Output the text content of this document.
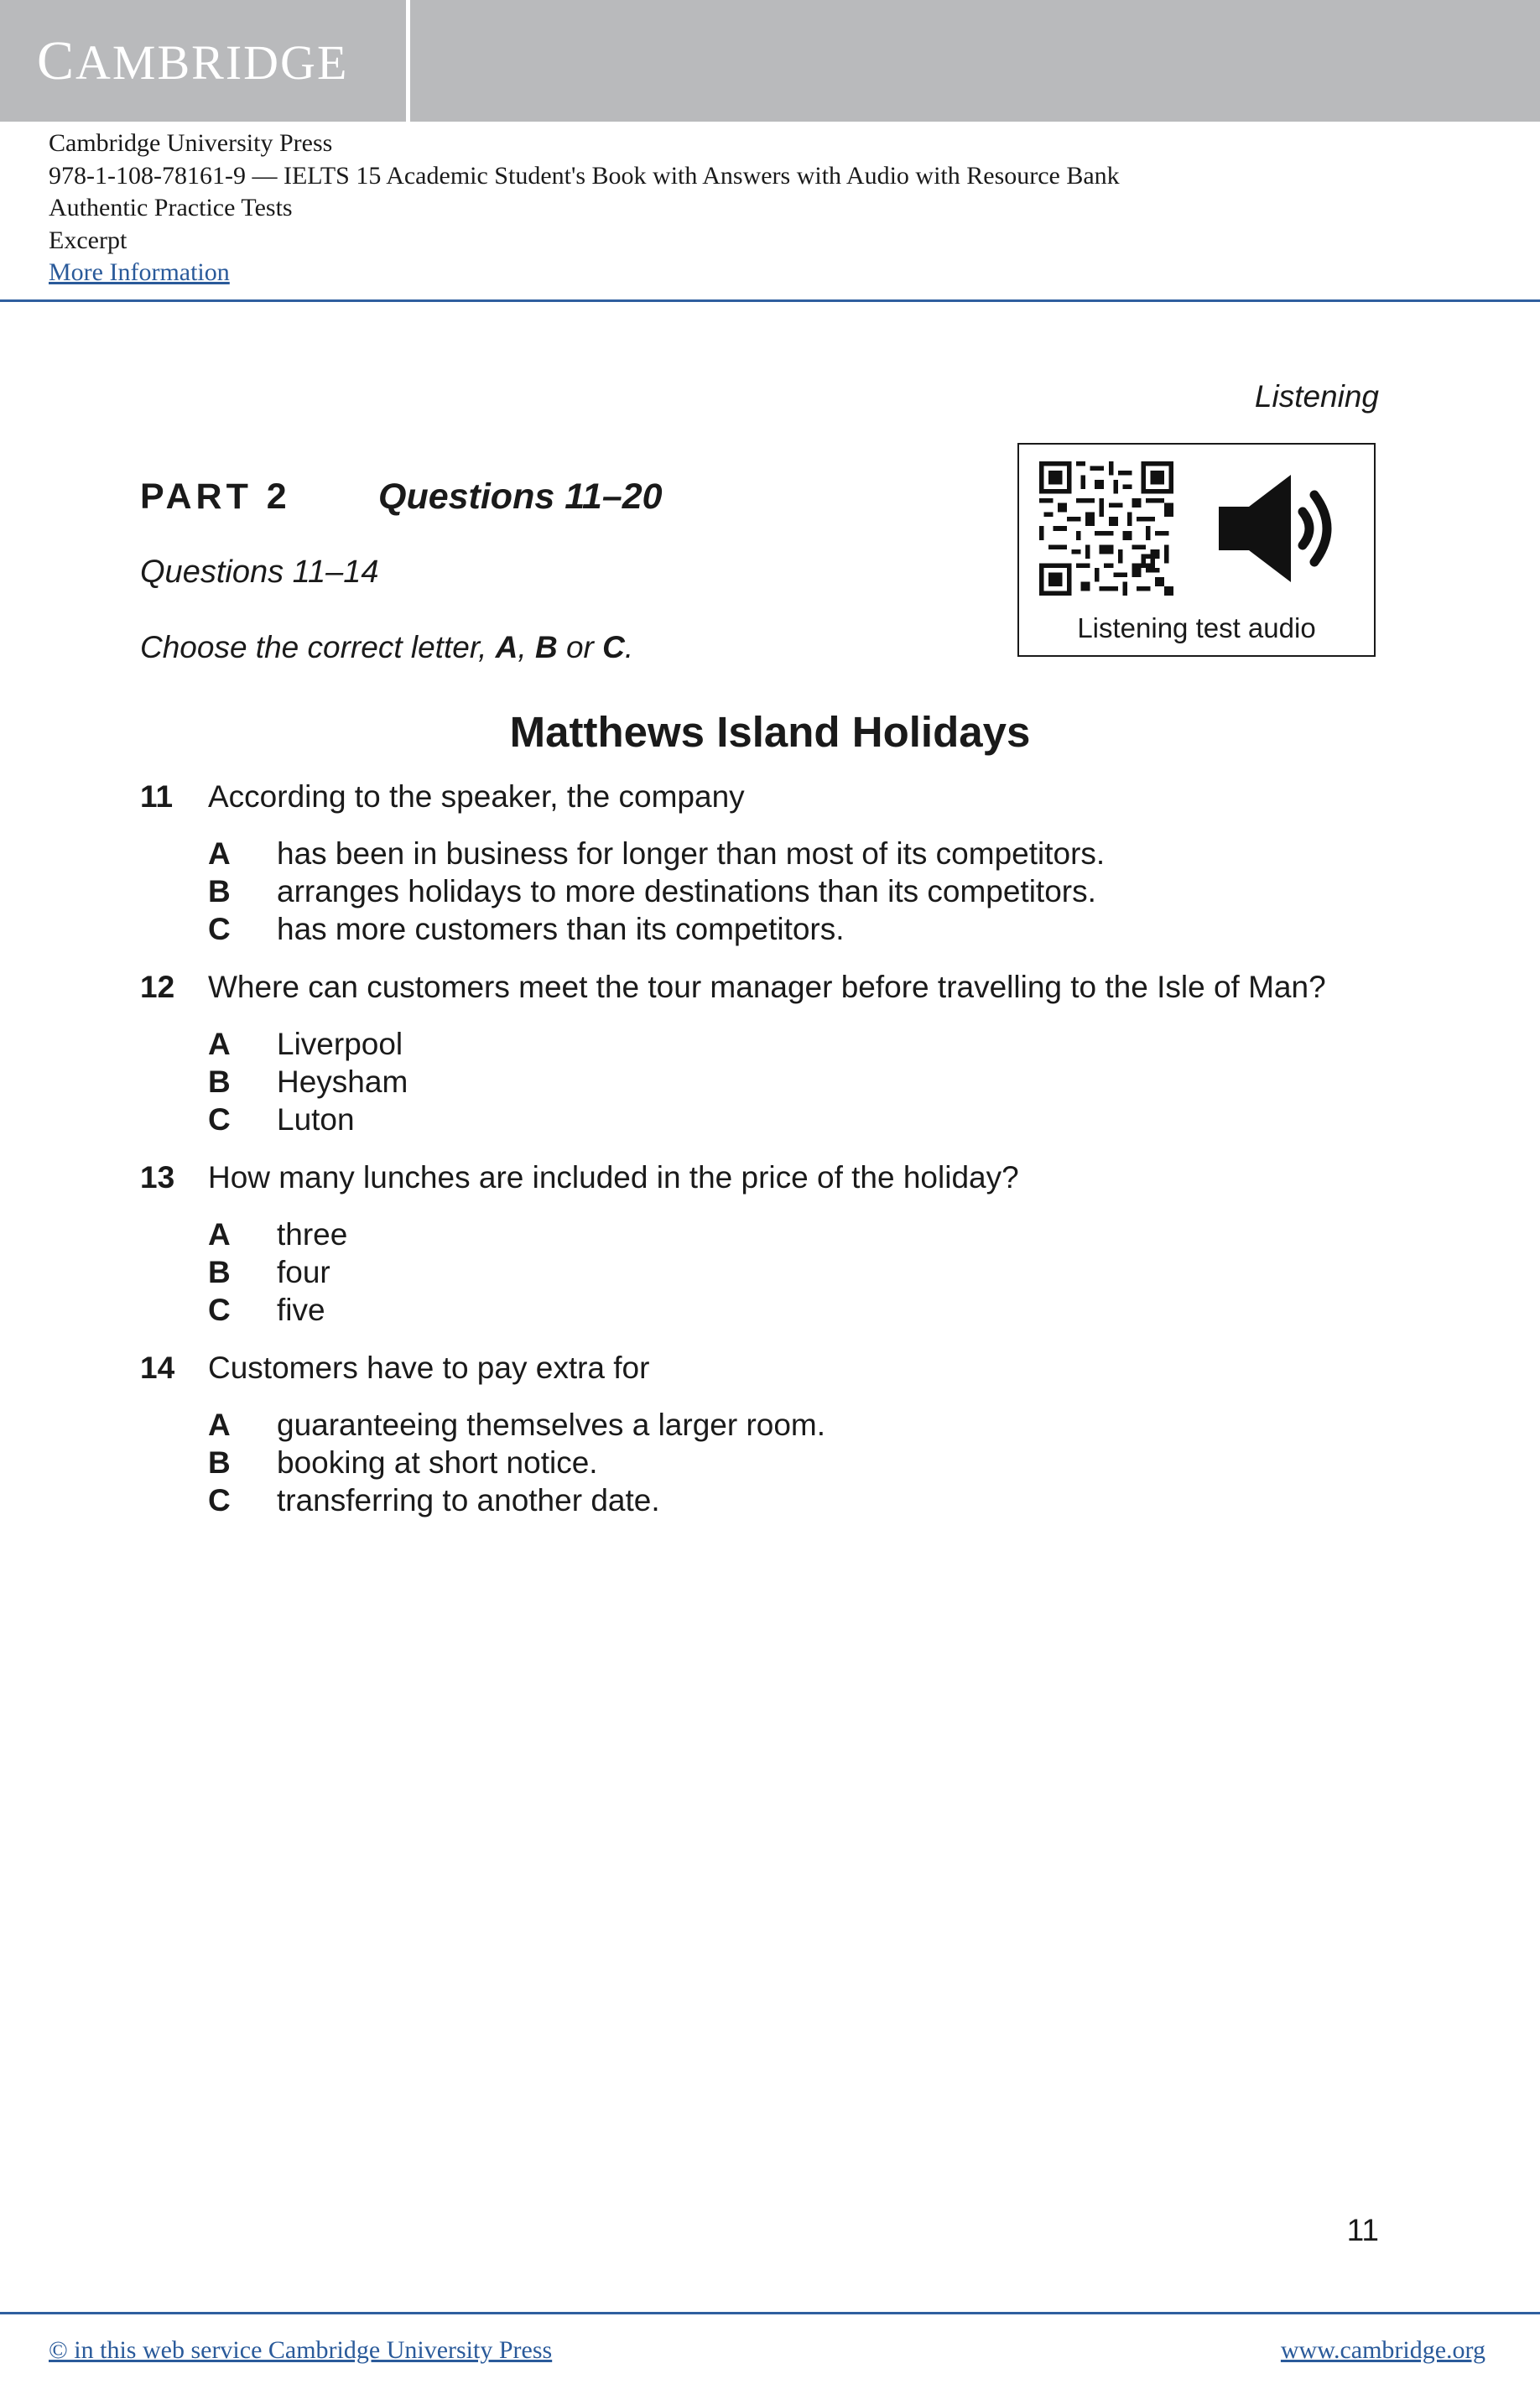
CAMBRIDGE
Cambridge University Press
978-1-108-78161-9 — IELTS 15 Academic Student's Book with Answers with Audio with Resource Bank
Authentic Practice Tests
Excerpt
More Information
Listening
PART 2 Questions 11–20
Questions 11–14
Choose the correct letter, A, B or C.
Listening test audio
Matthews Island Holidays
11 According to the speaker, the company
A has been in business for longer than most of its competitors.
B arranges holidays to more destinations than its competitors.
C has more customers than its competitors.
12 Where can customers meet the tour manager before travelling to the Isle of Man?
A Liverpool
B Heysham
C Luton
13 How many lunches are included in the price of the holiday?
A three
B four
C five
14 Customers have to pay extra for
A guaranteeing themselves a larger room.
B booking at short notice.
C transferring to another date.
11
© in this web service Cambridge University Press	www.cambridge.org
